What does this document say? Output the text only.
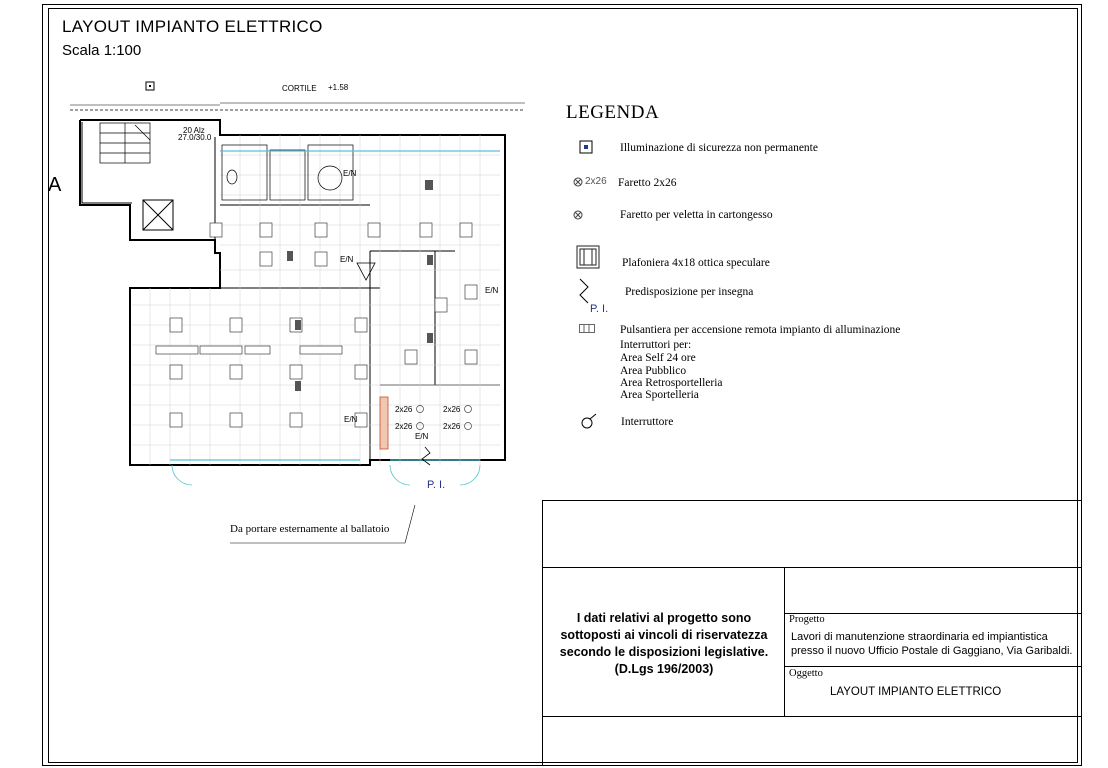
LAYOUT IMPIANTO ELETTRICO
Scala 1:100
A
CORTILE +1.58
20 Alz
27.0/30.0
E/N
E/N
E/N
E/N
E/N
2x26	2x26
2x26	2x26
P. I.
Da portare esternamente al ballatoio
LEGENDA
Illuminazione di sicurezza non permanente
2x26 Faretto 2x26
Faretto per veletta in cartongesso
Plafoniera 4x18 ottica speculare
Predisposizione per insegna
P. I.
Pulsantiera per accensione remota impianto di alluminazione
Interruttori per:
Area Self 24 ore
Area Pubblico
Area Retrosportelleria
Area Sportelleria
Interruttore
I dati relativi al progetto sono
sottoposti ai vincoli di riservatezza
secondo le disposizioni legislative.
(D.Lgs 196/2003)
Progetto
Lavori di manutenzione straordinaria ed impiantistica
presso il nuovo Ufficio Postale di Gaggiano, Via Garibaldi.
Oggetto
LAYOUT IMPIANTO ELETTRICO
